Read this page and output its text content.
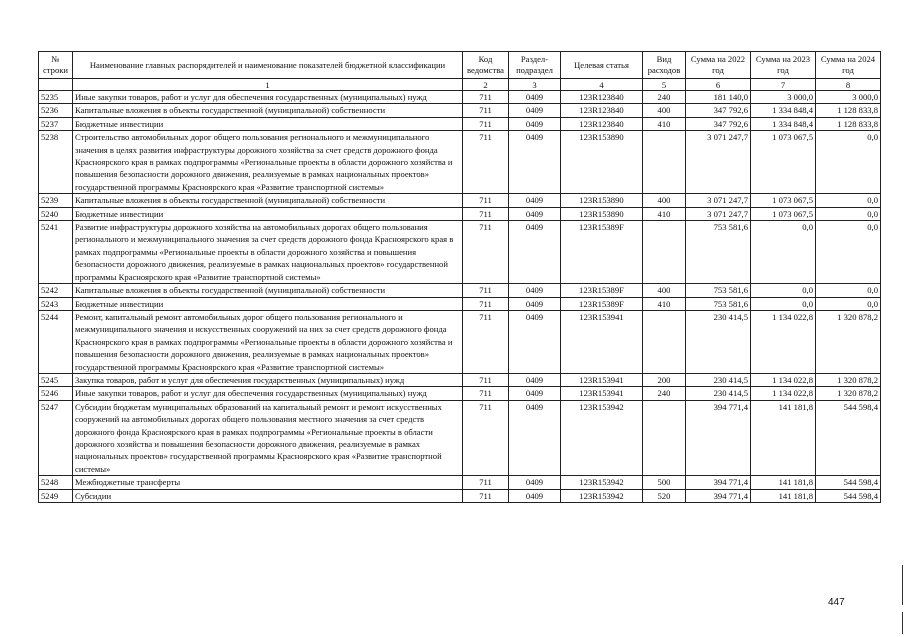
№ строки	Наименование главных распорядителей и наименование показателей бюджетной классификации	Код ведомства	Раздел-подраздел	Целевая статья	Вид расходов	Сумма на 2022 год	Сумма на 2023 год	Сумма на 2024 год
	1	2	3	4	5	6	7	8
5235	Иные закупки товаров, работ и услуг для обеспечения государственных (муниципальных) нужд	711	0409	123R123840	240	181 140,0	3 000,0	3 000,0
5236	Капитальные вложения в объекты государственной (муниципальной) собственности	711	0409	123R123840	400	347 792,6	1 334 848,4	1 128 833,8
5237	Бюджетные инвестиции	711	0409	123R123840	410	347 792,6	1 334 848,4	1 128 833,8
5238	Строительство автомобильных дорог общего пользования регионального и межмуниципального значения в целях развития инфраструктуры дорожного хозяйства за счет средств дорожного фонда Красноярского края в рамках подпрограммы «Региональные проекты в области дорожного хозяйства и повышения безопасности дорожного движения, реализуемые в рамках национальных проектов» государственной программы Красноярского края «Развитие транспортной системы»	711	0409	123R153890		3 071 247,7	1 073 067,5	0,0
5239	Капитальные вложения в объекты государственной (муниципальной) собственности	711	0409	123R153890	400	3 071 247,7	1 073 067,5	0,0
5240	Бюджетные инвестиции	711	0409	123R153890	410	3 071 247,7	1 073 067,5	0,0
5241	Развитие инфраструктуры дорожного хозяйства на автомобильных дорогах общего пользования регионального и межмуниципального значения за счет средств дорожного фонда Красноярского края в рамках подпрограммы «Региональные проекты в области дорожного хозяйства и повышения безопасности дорожного движения, реализуемые в рамках национальных проектов» государственной программы Красноярского края «Развитие транспортной системы»	711	0409	123R15389F		753 581,6	0,0	0,0
5242	Капитальные вложения в объекты государственной (муниципальной) собственности	711	0409	123R15389F	400	753 581,6	0,0	0,0
5243	Бюджетные инвестиции	711	0409	123R15389F	410	753 581,6	0,0	0,0
5244	Ремонт, капитальный ремонт автомобильных дорог общего пользования регионального и межмуниципального значения и искусственных сооружений на них за счет средств дорожного фонда Красноярского края в рамках подпрограммы «Региональные проекты в области дорожного хозяйства и повышения безопасности дорожного движения, реализуемые в рамках национальных проектов» государственной программы Красноярского края «Развитие транспортной системы»	711	0409	123R153941		230 414,5	1 134 022,8	1 320 878,2
5245	Закупка товаров, работ и услуг для обеспечения государственных (муниципальных) нужд	711	0409	123R153941	200	230 414,5	1 134 022,8	1 320 878,2
5246	Иные закупки товаров, работ и услуг для обеспечения государственных (муниципальных) нужд	711	0409	123R153941	240	230 414,5	1 134 022,8	1 320 878,2
5247	Субсидии бюджетам муниципальных образований на капитальный ремонт и ремонт искусственных сооружений на автомобильных дорогах общего пользования местного значения за счет средств дорожного фонда Красноярского края в рамках подпрограммы «Региональные проекты в области дорожного хозяйства и повышения безопасности дорожного движения, реализуемые в рамках национальных проектов» государственной программы Красноярского края «Развитие транспортной системы»	711	0409	123R153942		394 771,4	141 181,8	544 598,4
5248	Межбюджетные трансферты	711	0409	123R153942	500	394 771,4	141 181,8	544 598,4
5249	Субсидии	711	0409	123R153942	520	394 771,4	141 181,8	544 598,4
447
